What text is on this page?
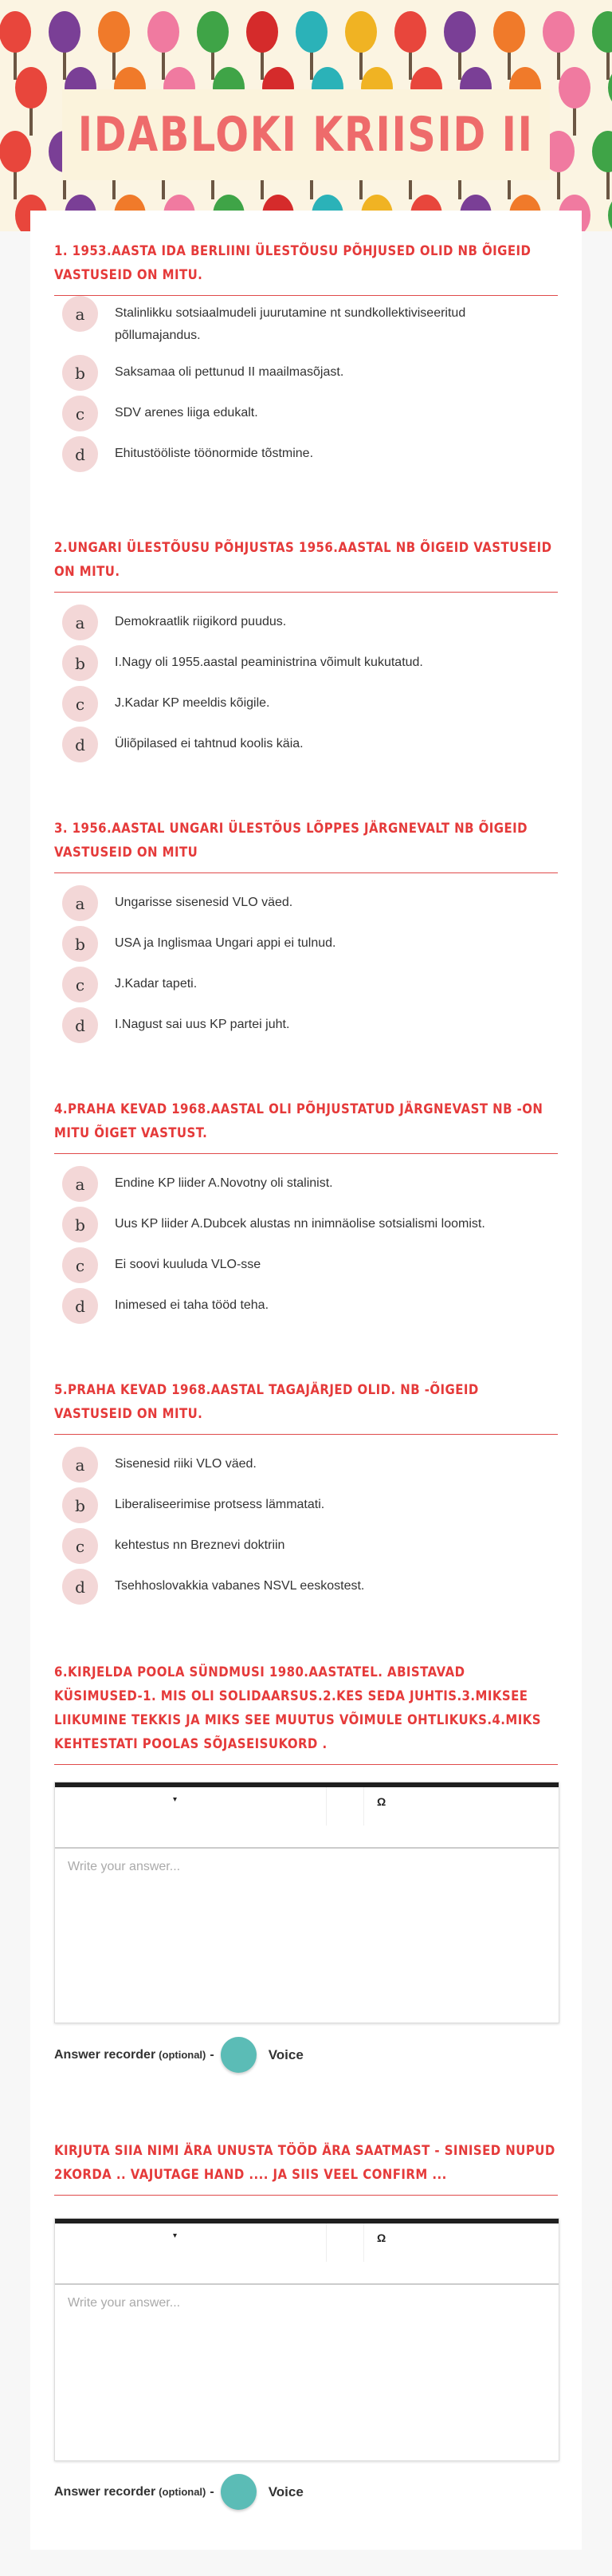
IDABLOKI KRIISID II
1. 1953.AASTA IDA BERLIINI ÜLESTÕUSU PÕHJUSED OLID NB ÕIGEID VASTUSEID ON MITU.
2.UNGARI ÜLESTÕUSU PÕHJUSTAS 1956.AASTAL NB ÕIGEID VASTUSEID ON MITU.
3. 1956.AASTAL UNGARI ÜLESTÕUS LÕPPES JÄRGNEVALT NB ÕIGEID VASTUSEID ON MITU
4.PRAHA KEVAD 1968.AASTAL OLI PÕHJUSTATUD JÄRGNEVAST NB -ON MITU ÕIGET VASTUST.
5.PRAHA KEVAD 1968.AASTAL TAGAJÄRJED OLID. NB -ÕIGEID VASTUSEID ON MITU.
6.KIRJELDA POOLA SÜNDMUSI 1980.AASTATEL. ABISTAVAD KÜSIMUSED-1. MIS OLI SOLIDAARSUS.2.KES SEDA JUHTIS.3.MIKSEE LIIKUMINE TEKKIS JA MIKS SEE MUUTUS VÕIMULE OHTLIKUKS.4.MIKS KEHTESTATI POOLAS SÕJASEISUKORD .
▾	Ω
Write your answer...
Answer recorder (optional) -	Voice
KIRJUTA SIIA NIMI ÄRA UNUSTA TÖÖD ÄRA SAATMAST - SINISED NUPUD 2KORDA .. VAJUTAGE HAND .... JA SIIS VEEL CONFIRM ...
▾	Ω
Write your answer...
Answer recorder (optional) -	Voice
a	Stalinlikku sotsiaalmudeli juurutamine nt sundkollektiviseeritud põllumajandus.
b	Saksamaa oli pettunud II maailmasõjast.
c	SDV arenes liiga edukalt.
d	Ehitustööliste töönormide tõstmine.
a	Demokraatlik riigikord puudus.
b	I.Nagy oli 1955.aastal peaministrina võimult kukutatud.
c	J.Kadar KP meeldis kõigile.
d	Üliõpilased ei tahtnud koolis käia.
a	Ungarisse sisenesid VLO väed.
b	USA ja Inglismaa Ungari appi ei tulnud.
c	J.Kadar tapeti.
d	I.Nagust sai uus KP partei juht.
a	Endine KP liider A.Novotny oli stalinist.
b	Uus KP liider A.Dubcek alustas nn inimnäolise sotsialismi loomist.
c	Ei soovi kuuluda VLO-sse
d	Inimesed ei taha tööd teha.
a	Sisenesid riiki VLO väed.
b	Liberaliseerimise protsess lämmatati.
c	kehtestus nn Breznevi doktriin
d	Tsehhoslovakkia vabanes NSVL eeskostest.
